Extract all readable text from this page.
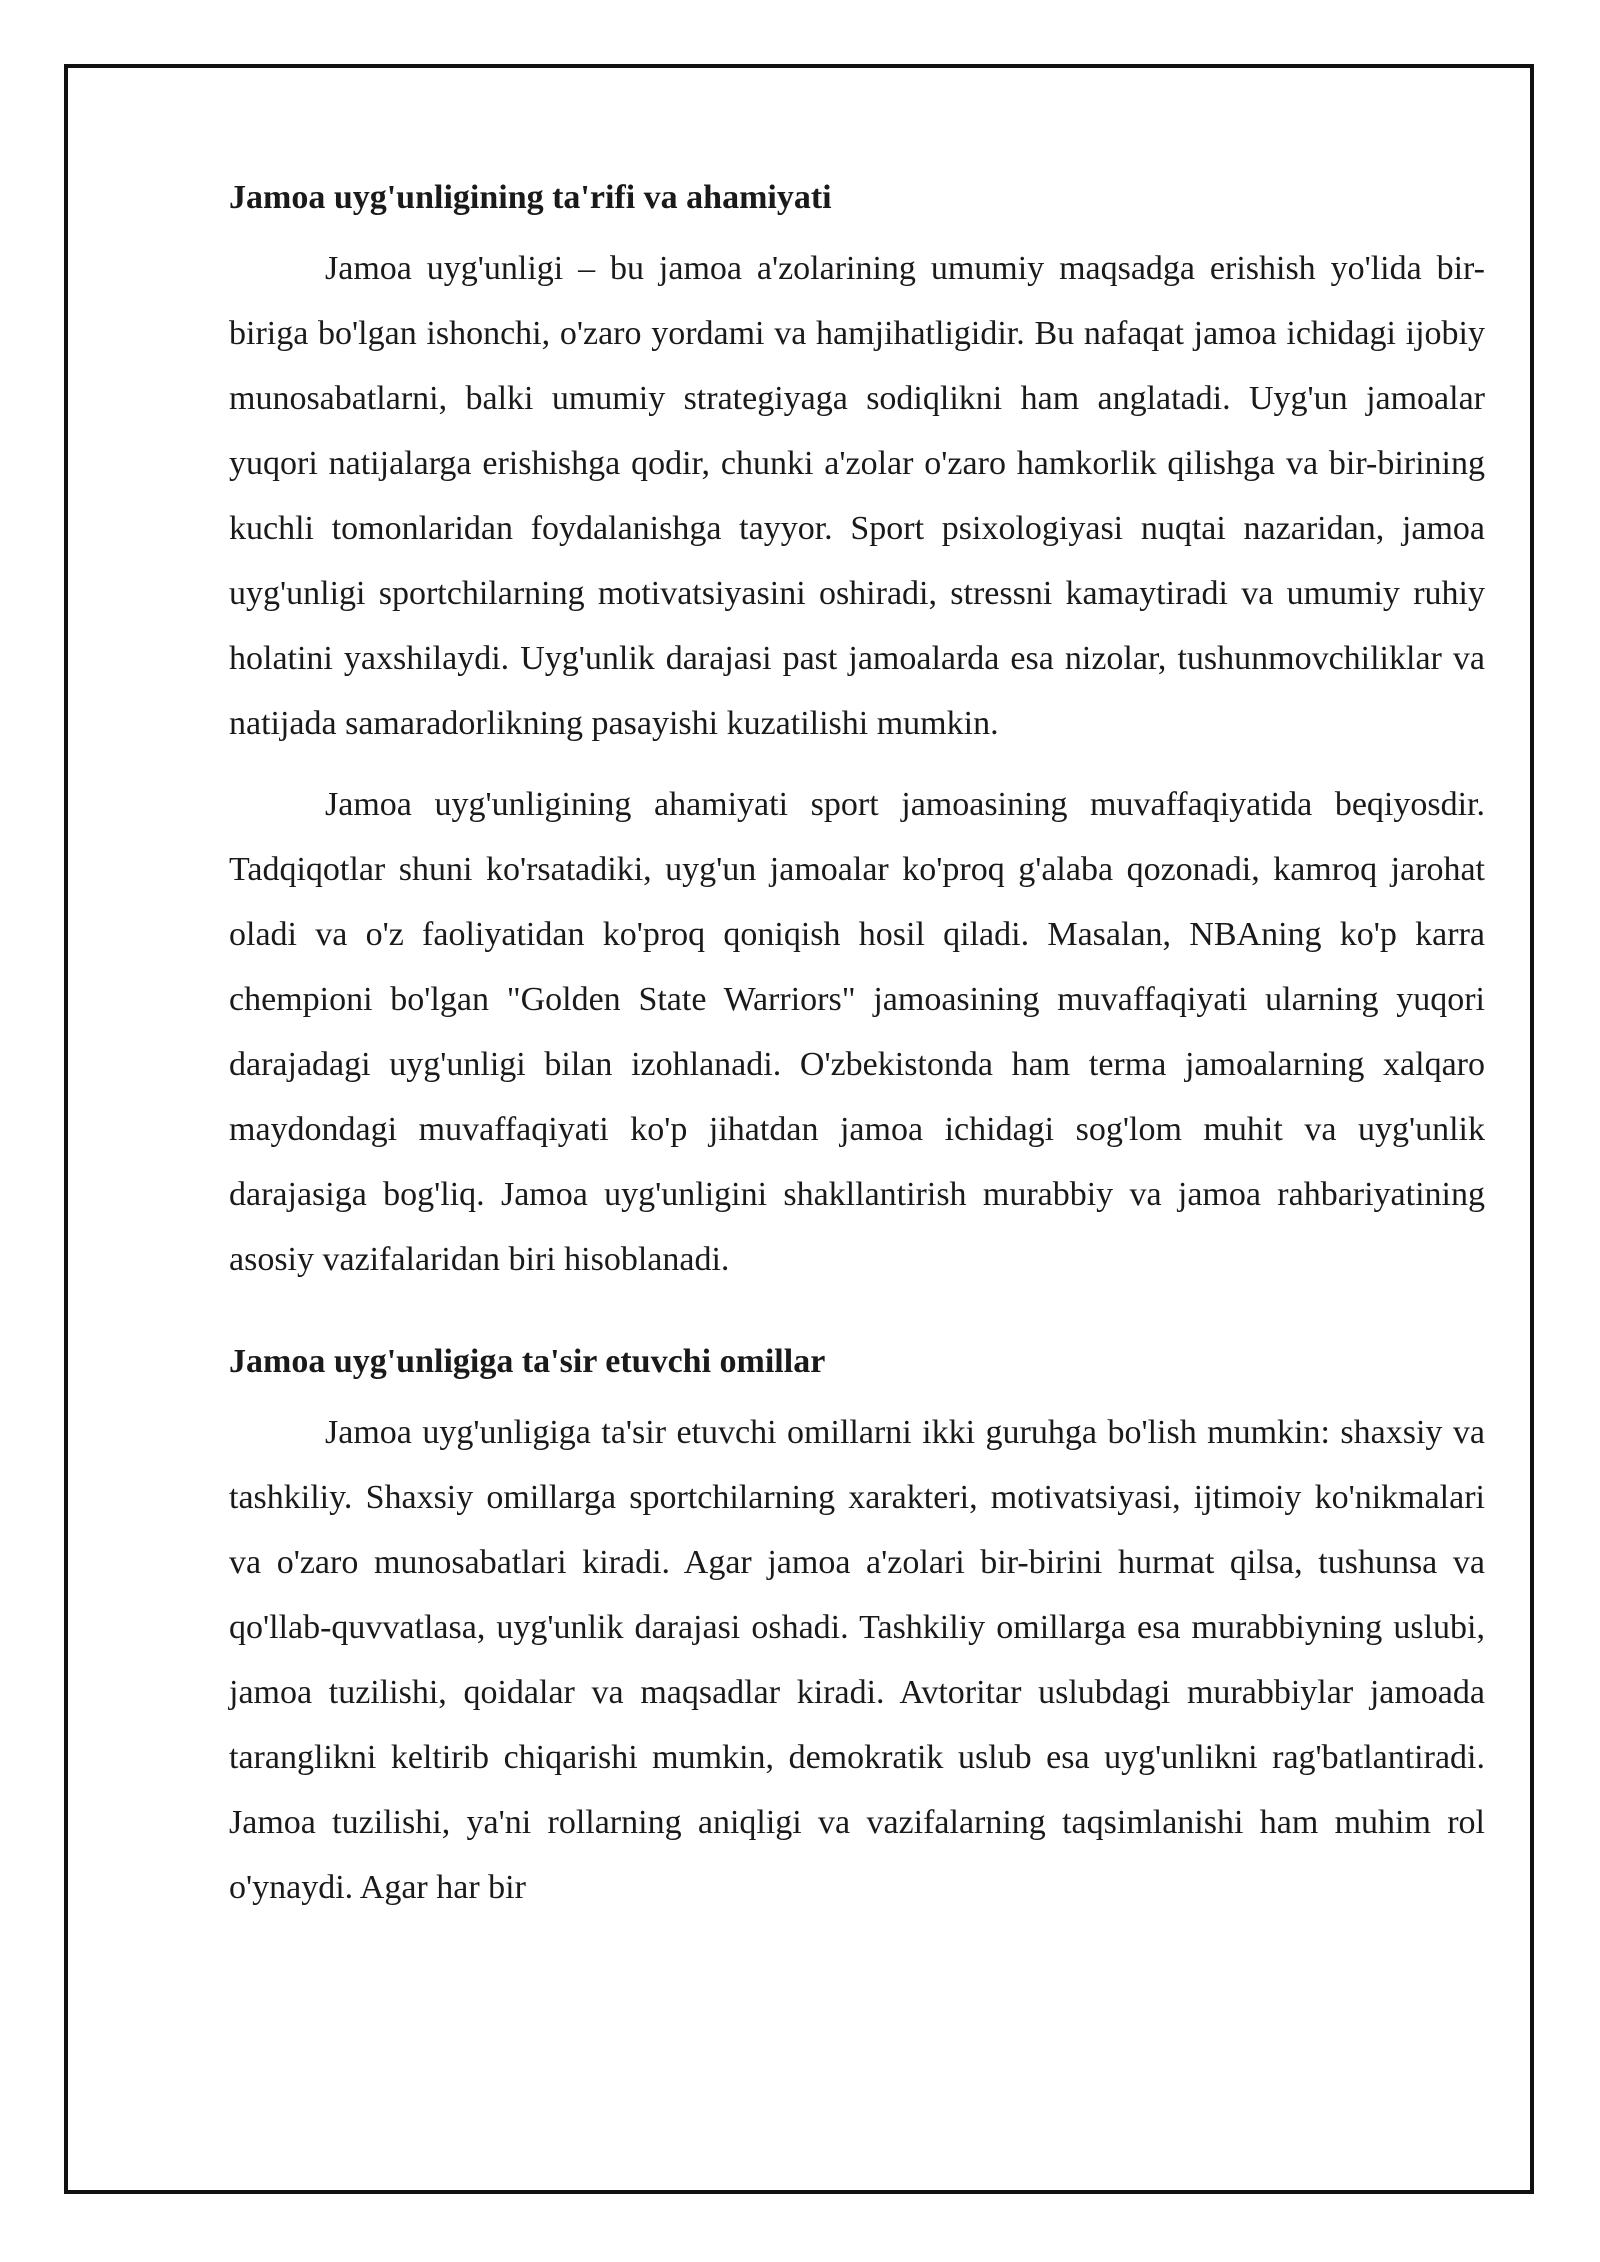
Jamoa uyg'unligining ta'rifi va ahamiyati

Jamoa uyg'unligi – bu jamoa a'zolarining umumiy maqsadga erishish yo'lida bir-biriga bo'lgan ishonchi, o'zaro yordami va hamjihatligidir. Bu nafaqat jamoa ichidagi ijobiy munosabatlarni, balki umumiy strategiyaga sodiqlikni ham anglatadi. Uyg'un jamoalar yuqori natijalarga erishishga qodir, chunki a'zolar o'zaro hamkorlik qilishga va bir-birining kuchli tomonlaridan foydalanishga tayyor. Sport psixologiyasi nuqtai nazaridan, jamoa uyg'unligi sportchilarning motivatsiyasini oshiradi, stressni kamaytiradi va umumiy ruhiy holatini yaxshilaydi. Uyg'unlik darajasi past jamoalarda esa nizolar, tushunmovchiliklar va natijada samaradorlikning pasayishi kuzatilishi mumkin.

Jamoa uyg'unligining ahamiyati sport jamoasining muvaffaqiyatida beqiyosdir. Tadqiqotlar shuni ko'rsatadiki, uyg'un jamoalar ko'proq g'alaba qozonadi, kamroq jarohat oladi va o'z faoliyatidan ko'proq qoniqish hosil qiladi. Masalan, NBAning ko'p karra chempioni bo'lgan "Golden State Warriors" jamoasining muvaffaqiyati ularning yuqori darajadagi uyg'unligi bilan izohlanadi. O'zbekistonda ham terma jamoalarning xalqaro maydondagi muvaffaqiyati ko'p jihatdan jamoa ichidagi sog'lom muhit va uyg'unlik darajasiga bog'liq. Jamoa uyg'unligini shakllantirish murabbiy va jamoa rahbariyatining asosiy vazifalaridan biri hisoblanadi.

Jamoa uyg'unligiga ta'sir etuvchi omillar

Jamoa uyg'unligiga ta'sir etuvchi omillarni ikki guruhga bo'lish mumkin: shaxsiy va tashkiliy. Shaxsiy omillarga sportchilarning xarakteri, motivatsiyasi, ijtimoiy ko'nikmalari va o'zaro munosabatlari kiradi. Agar jamoa a'zolari bir-birini hurmat qilsa, tushunsa va qo'llab-quvvatlasa, uyg'unlik darajasi oshadi. Tashkiliy omillarga esa murabbiyning uslubi, jamoa tuzilishi, qoidalar va maqsadlar kiradi. Avtoritar uslubdagi murabbiylar jamoada taranglikni keltirib chiqarishi mumkin, demokratik uslub esa uyg'unlikni rag'batlantiradi. Jamoa tuzilishi, ya'ni rollarning aniqligi va vazifalarning taqsimlanishi ham muhim rol o'ynaydi. Agar har bir
